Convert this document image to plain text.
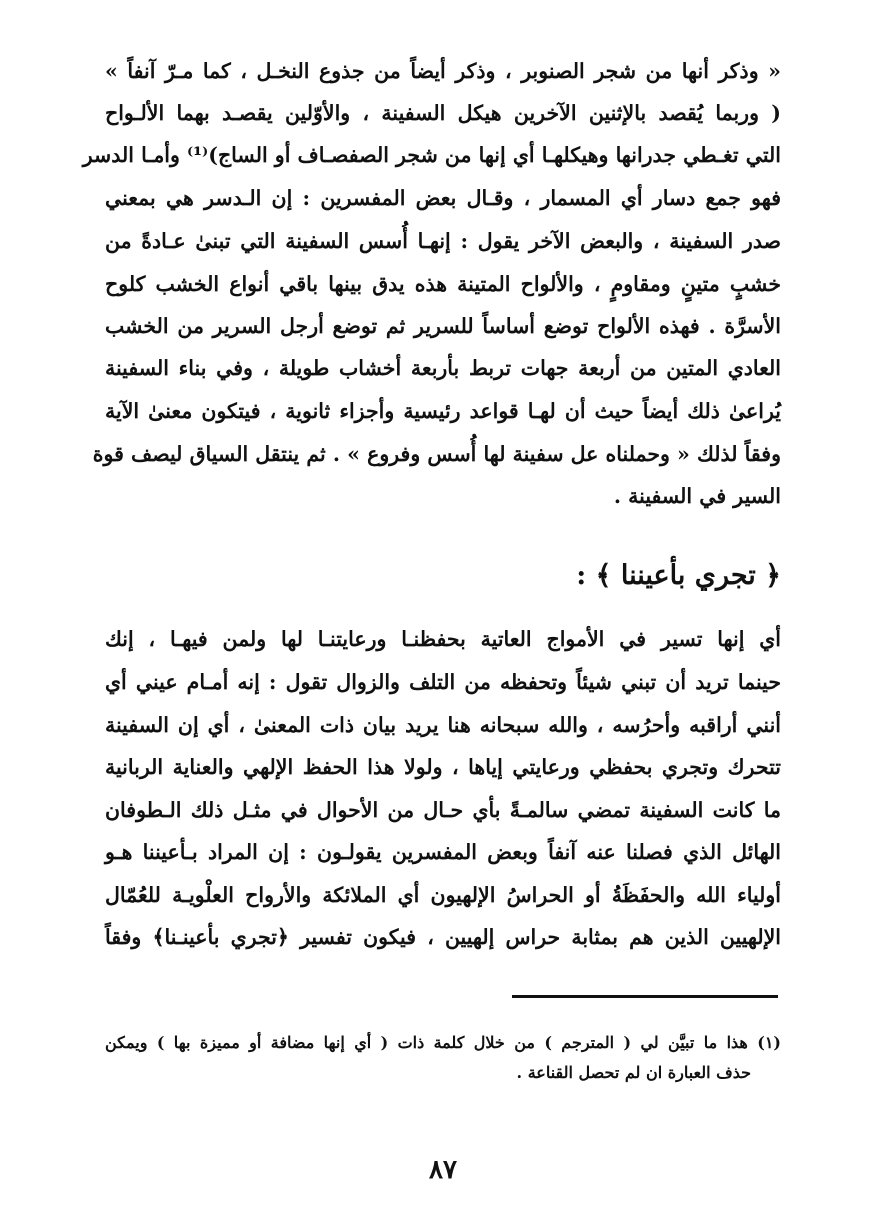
« وذكر أنها من شجر الصنوبر ، وذكر أيضاً من جذوع النخـل ، كما مـرّ آنفاً »
( وربما يُقصد بالإثنين الآخرين هيكل السفينة ، والأوّلين يقصـد بهما الألـواح
التي تغـطي جدرانها وهيكلهـا أي إنها من شجر الصفصـاف أو الساج)⁽¹⁾ وأمـا الدسر
فهو جمع دسار أي المسمار ، وقـال بعض المفسرين : إن الـدسر هي بمعني
صدر السفينة ، والبعض الآخر يقول : إنهـا أُسس السفينة التي تبنىٰ عـادةً من
خشبٍ متينٍ ومقاومٍ ، والألواح المتينة هذه يدق بينها باقي أنواع الخشب كلوح
الأسرَّة . فهذه الألواح توضع أساساً للسرير ثم توضع أرجل السرير من الخشب
العادي المتين من أربعة جهات تربط بأربعة أخشاب طويلة ، وفي بناء السفينة
يُراعىٰ ذلك أيضاً حيث أن لهـا قواعد رئيسية وأجزاء ثانوية ، فيتكون معنىٰ الآية
وفقاً لذلك « وحملناه عل سفينة لها أُسس وفروع » . ثم ينتقل السياق ليصف قوة
السير في السفينة .
﴿ تجري بأعيننا ﴾ :
أي إنها تسير في الأمواج العاتية بحفظنـا ورعايتنـا لها ولمن فيهـا ، إنك
حينما تريد أن تبني شيئاً وتحفظه من التلف والزوال تقول : إنه أمـام عيني أي
أنني أراقبه وأحرُسه ، والله سبحانه هنا يريد بيان ذات المعنىٰ ، أي إن السفينة
تتحرك وتجري بحفظي ورعايتي إياها ، ولولا هذا الحفظ الإلهي والعناية الربانية
ما كانت السفينة تمضي سالمـةً بأي حـال من الأحوال في مثـل ذلك الـطوفان
الهائل الذي فصلنا عنه آنفاً وبعض المفسرين يقولـون : إن المراد بـأعيننا هـو
أولياء الله والحفَظَةُ أو الحراسُ الإلهيون أي الملائكة والأرواح العلْويـة للعُمّال
الإلهيين الذين هم بمثابة حراس إلهيين ، فيكون تفسير ﴿تجري بأعينـنا﴾ وفقاً
(١) هذا ما تبيَّن لي ( المترجم ) من خلال كلمة ذات ( أي إنها مضافة أو مميزة بها ) ويمكن
حذف العبارة ان لم تحصل القناعة .
٨٧
